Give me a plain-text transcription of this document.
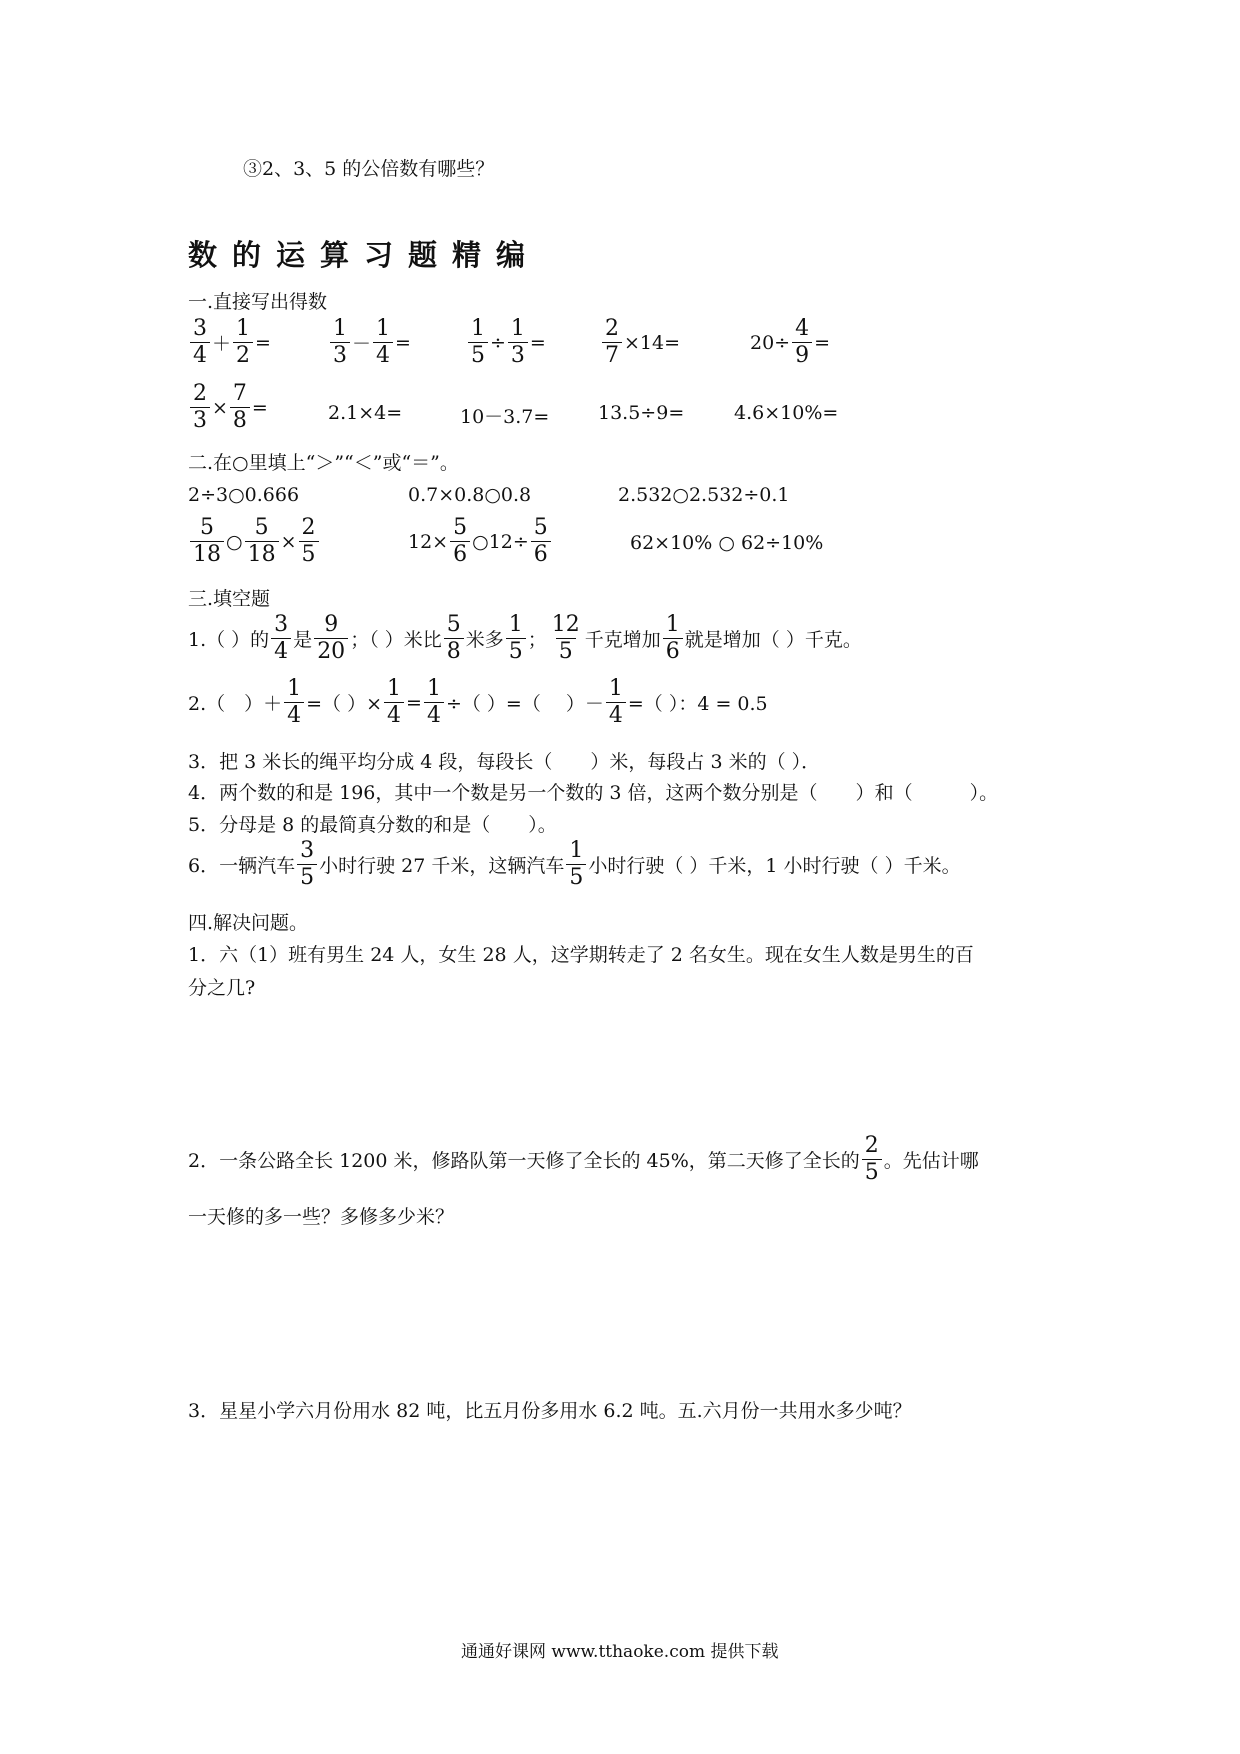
③2、3、5 的公倍数有哪些？
数的运算习题精编
一.直接写出得数
$\frac{3}{4} + \frac{1}{2}$ =	$\frac{1}{3} - \frac{1}{4}$ =	$\frac{1}{5} \div \frac{1}{3}$ =	$\frac{2}{7} \times 14=$	$20\div \frac{4}{9}$ =
$\frac{2}{3} \times \frac{7}{8}$ =	2.1×4=	10－3.7=	13.5÷9=	4.6×10%=
二.在○里填上“＞”“＜”或“＝”。
2÷3○0.666	0.7×0.8○0.8	2.532○2.532÷0.1
$\frac{5}{18}$ ○ $\frac{5}{18} \times \frac{2}{5}$	$12\times \frac{5}{6}$ ○12÷ $\frac{5}{6}$	62×10% ○ 62÷10%
三.填空题
1.（ ）的 $\frac{3}{4}$ 是 $\frac{9}{20}$ ；（ ）米比 $\frac{5}{8}$ 米多 $\frac{1}{5}$ ； $\frac{12}{5}$ 千克增加 $\frac{1}{6}$ 就是增加（ ）千克。
2.（　）＋ $\frac{1}{4}$ =（ ）× $\frac{1}{4} = \frac{1}{4}$ ÷（ ）=（　 ）－ $\frac{1}{4}$ =（ ）：4 = 0.5
3．把 3 米长的绳平均分成 4 段，每段长（　　）米，每段占 3 米的（ ）．
4．两个数的和是 196，其中一个数是另一个数的 3 倍，这两个数分别是（　　）和（　　　）。
5．分母是 8 的最简真分数的和是（　　）。
6．一辆汽车 $\frac{3}{5}$ 小时行驶 27 千米，这辆汽车 $\frac{1}{5}$ 小时行驶（ ）千米，1 小时行驶（ ）千米。
四.解决问题。
1．六（1）班有男生 24 人，女生 28 人，这学期转走了 2 名女生。现在女生人数是男生的百
分之几?
2．一条公路全长 1200 米，修路队第一天修了全长的 45%，第二天修了全长的 $\frac{2}{5}$ 。先估计哪
一天修的多一些？多修多少米？
3．星星小学六月份用水 82 吨，比五月份多用水 6.2 吨。五.六月份一共用水多少吨？
通通好课网 www.tthaoke.com 提供下载
